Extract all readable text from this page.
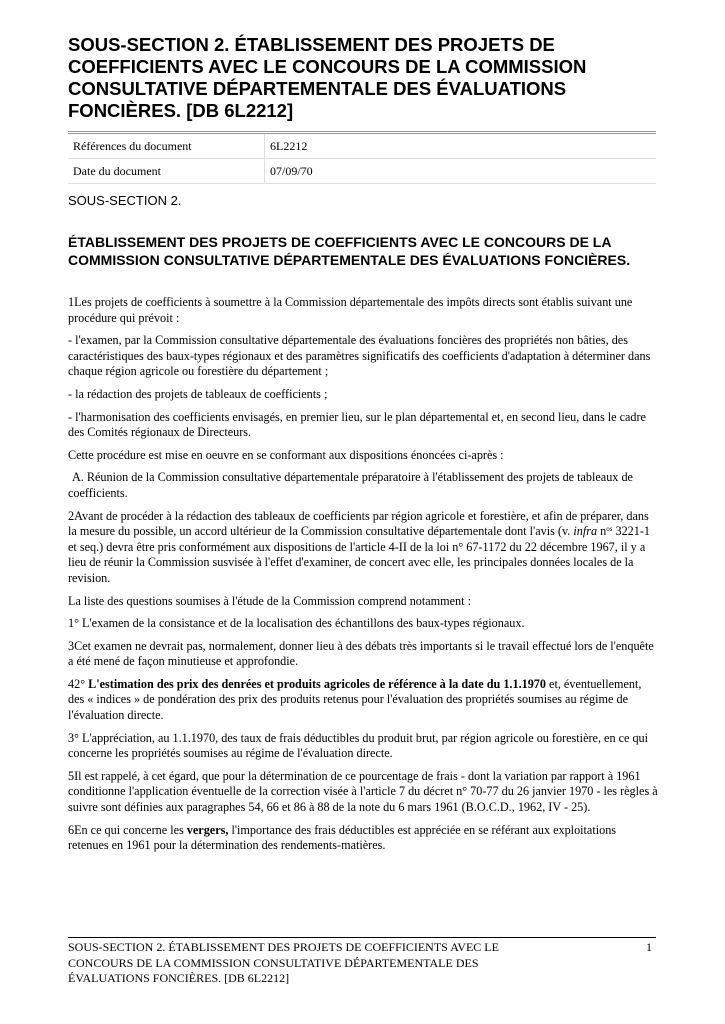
SOUS-SECTION 2. ÉTABLISSEMENT DES PROJETS DE COEFFICIENTS AVEC LE CONCOURS DE LA COMMISSION CONSULTATIVE DÉPARTEMENTALE DES ÉVALUATIONS FONCIÈRES. [DB 6L2212]
Références du document	6L2212
Date du document	07/09/70
SOUS-SECTION 2.
ÉTABLISSEMENT DES PROJETS DE COEFFICIENTS AVEC LE CONCOURS DE LA COMMISSION CONSULTATIVE DÉPARTEMENTALE DES ÉVALUATIONS FONCIÈRES.

1Les projets de coefficients à soumettre à la Commission départementale des impôts directs sont établis suivant une procédure qui prévoit :

- l'examen, par la Commission consultative départementale des évaluations foncières des propriétés non bâties, des caractéristiques des baux-types régionaux et des paramètres significatifs des coefficients d'adaptation à déterminer dans chaque région agricole ou forestière du département ;

- la rédaction des projets de tableaux de coefficients ;

- l'harmonisation des coefficients envisagés, en premier lieu, sur le plan départemental et, en second lieu, dans le cadre des Comités régionaux de Directeurs.

Cette procédure est mise en oeuvre en se conformant aux dispositions énoncées ci-après :

A. Réunion de la Commission consultative départementale préparatoire à l'établissement des projets de tableaux de coefficients.

2Avant de procéder à la rédaction des tableaux de coefficients par région agricole et forestière, et afin de préparer, dans la mesure du possible, un accord ultérieur de la Commission consultative départementale dont l'avis (v. infra $n^{os}$ 3221-1 et seq.) devra être pris conformément aux dispositions de l'article 4-II de la loi n° 67-1172 du 22 décembre 1967, il y a lieu de réunir la Commission susvisée à l'effet d'examiner, de concert avec elle, les principales données locales de la revision.

La liste des questions soumises à l'étude de la Commission comprend notamment :

1° L'examen de la consistance et de la localisation des échantillons des baux-types régionaux.

3Cet examen ne devrait pas, normalement, donner lieu à des débats très importants si le travail effectué lors de l'enquête a été mené de façon minutieuse et approfondie.

42° L'estimation des prix des denrées et produits agricoles de référence à la date du 1.1.1970 et, éventuellement, des « indices » de pondération des prix des produits retenus pour l'évaluation des propriétés soumises au régime de l'évaluation directe.

3° L'appréciation, au 1.1.1970, des taux de frais déductibles du produit brut, par région agricole ou forestière, en ce qui concerne les propriétés soumises au régime de l'évaluation directe.

5Il est rappelé, à cet égard, que pour la détermination de ce pourcentage de frais - dont la variation par rapport à 1961 conditionne l'application éventuelle de la correction visée à l'article 7 du décret n° 70-77 du 26 janvier 1970 - les règles à suivre sont définies aux paragraphes 54, 66 et 86 à 88 de la note du 6 mars 1961 (B.O.C.D., 1962, IV - 25).

6En ce qui concerne les vergers, l'importance des frais déductibles est appréciée en se référant aux exploitations retenues en 1961 pour la détermination des rendements-matières.

SOUS-SECTION 2. ÉTABLISSEMENT DES PROJETS DE COEFFICIENTS AVEC LE CONCOURS DE LA COMMISSION CONSULTATIVE DÉPARTEMENTALE DES ÉVALUATIONS FONCIÈRES. [DB 6L2212]
1
